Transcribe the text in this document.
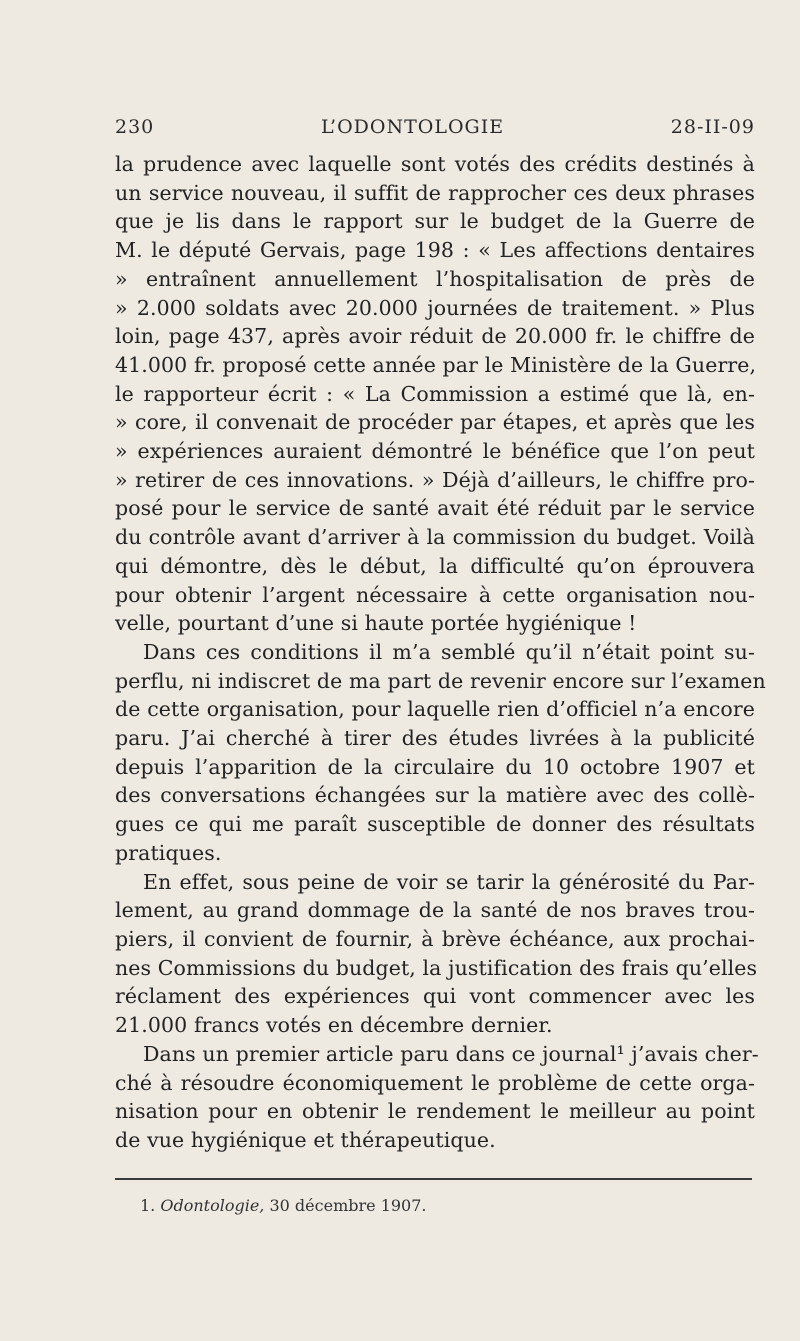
230	L’ODONTOLOGIE	28-II-09
la prudence avec laquelle sont votés des crédits destinés à
un service nouveau, il suffit de rapprocher ces deux phrases
que je lis dans le rapport sur le budget de la Guerre de
M. le député Gervais, page 198 : « Les affections dentaires
» entraînent annuellement l’hospitalisation de près de
» 2.000 soldats avec 20.000 journées de traitement. » Plus
loin, page 437, après avoir réduit de 20.000 fr. le chiffre de
41.000 fr. proposé cette année par le Ministère de la Guerre,
le rapporteur écrit : « La Commission a estimé que là, en-
» core, il convenait de procéder par étapes, et après que les
» expériences auraient démontré le bénéfice que l’on peut
» retirer de ces innovations. » Déjà d’ailleurs, le chiffre pro-
posé pour le service de santé avait été réduit par le service
du contrôle avant d’arriver à la commission du budget. Voilà
qui démontre, dès le début, la difficulté qu’on éprouvera
pour obtenir l’argent nécessaire à cette organisation nou-
velle, pourtant d’une si haute portée hygiénique !
Dans ces conditions il m’a semblé qu’il n’était point su-
perflu, ni indiscret de ma part de revenir encore sur l’examen
de cette organisation, pour laquelle rien d’officiel n’a encore
paru. J’ai cherché à tirer des études livrées à la publicité
depuis l’apparition de la circulaire du 10 octobre 1907 et
des conversations échangées sur la matière avec des collè-
gues ce qui me paraît susceptible de donner des résultats
pratiques.
En effet, sous peine de voir se tarir la générosité du Par-
lement, au grand dommage de la santé de nos braves trou-
piers, il convient de fournir, à brève échéance, aux prochai-
nes Commissions du budget, la justification des frais qu’elles
réclament des expériences qui vont commencer avec les
21.000 francs votés en décembre dernier.
Dans un premier article paru dans ce journal¹ j’avais cher-
ché à résoudre économiquement le problème de cette orga-
nisation pour en obtenir le rendement le meilleur au point
de vue hygiénique et thérapeutique.
1. Odontologie, 30 décembre 1907.
